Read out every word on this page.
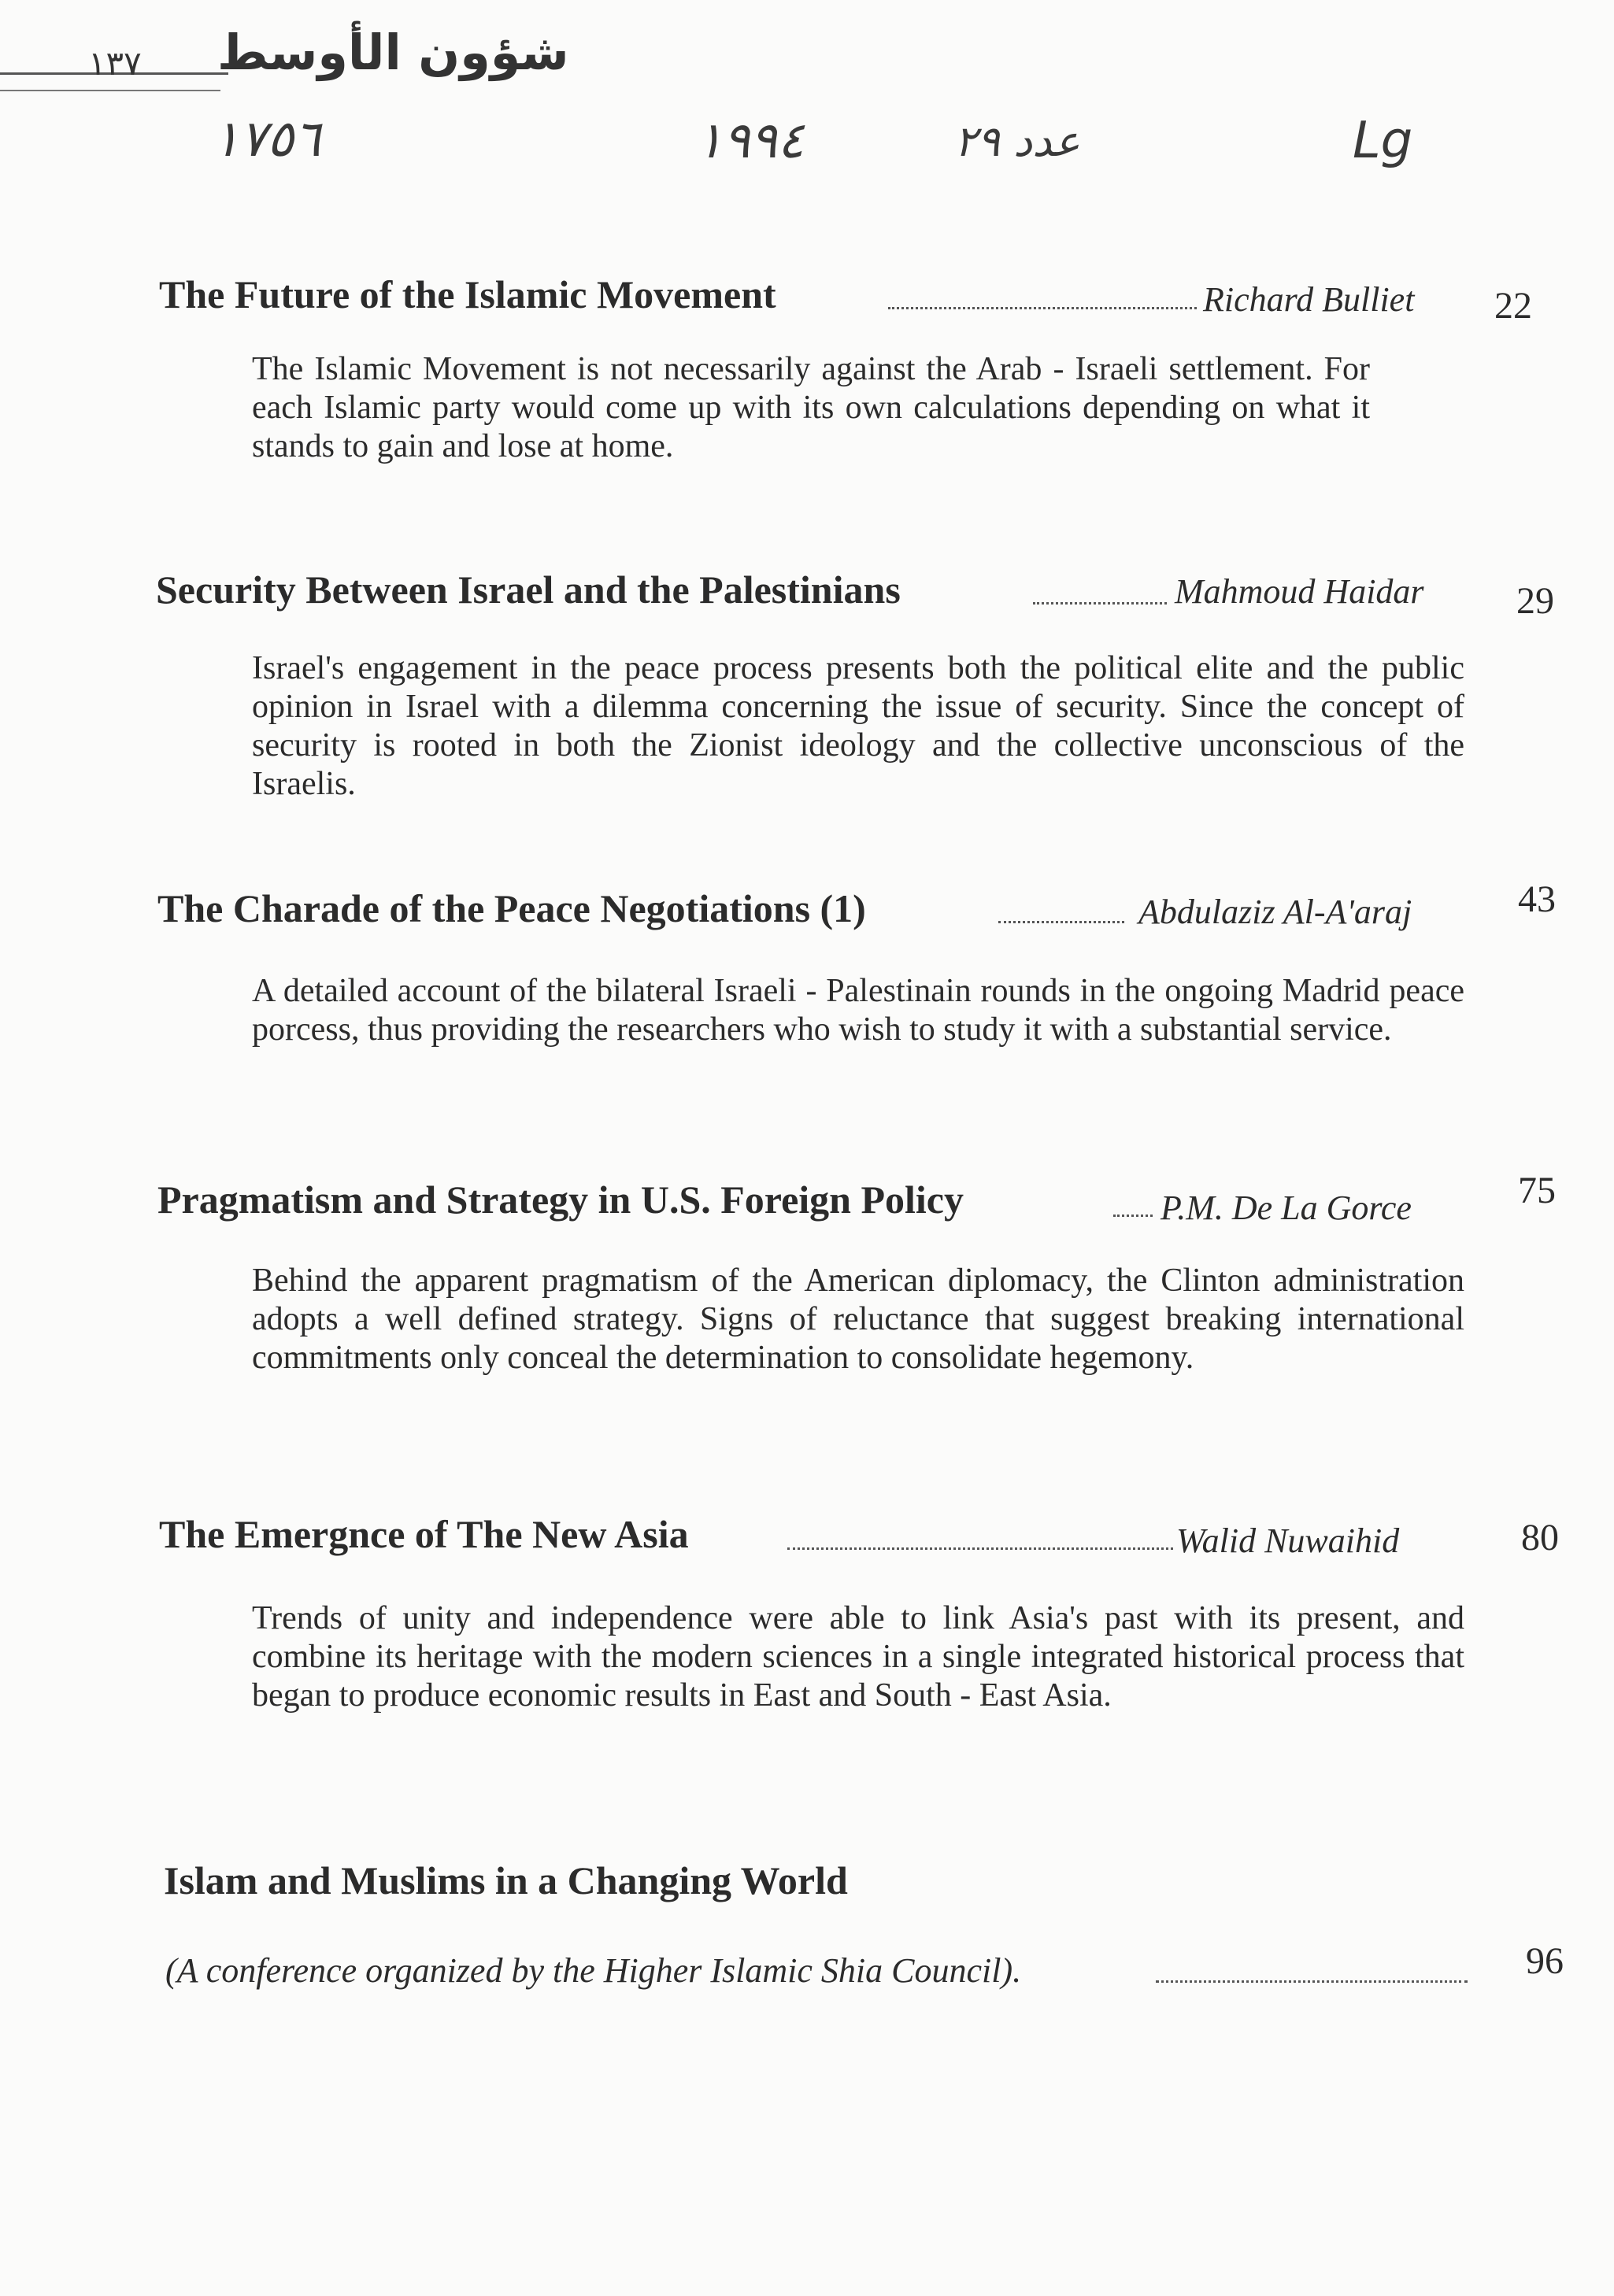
١٣٧ شؤون الأوسط
١٧٥٦	١٩٩٤	عدد ٢٩	Lg
The Future of the Islamic Movement	Richard Bulliet 22

The Islamic Movement is not necessarily against the Arab - Israeli settlement. For each Islamic party would come up with its own calculations depending on what it stands to gain and lose at home.

Security Between Israel and the Palestinians	Mahmoud Haidar 29

Israel's engagement in the peace process presents both the political elite and the public opinion in Israel with a dilemma concerning the issue of security. Since the concept of security is rooted in both the Zionist ideology and the collective unconscious of the Israelis.

The Charade of the Peace Negotiations (1)	Abdulaziz Al-A'araj	43

A detailed account of the bilateral Israeli - Palestinain rounds in the ongoing Madrid peace porcess, thus providing the researchers who wish to study it with a substantial service.

Pragmatism and Strategy in U.S. Foreign Policy	P.M. De La Gorce	75

Behind the apparent pragmatism of the American diplomacy, the Clinton administration adopts a well defined strategy. Signs of reluctance that suggest breaking international commitments only conceal the determination to consolidate hegemony.

The Emergnce of The New Asia	Walid Nuwaihid	80

Trends of unity and independence were able to link Asia's past with its present, and combine its heritage with the modern sciences in a single integrated historical process that began to produce economic results in East and South - East Asia.

Islam and Muslims in a Changing World
(A conference organized by the Higher Islamic Shia Council).	96
